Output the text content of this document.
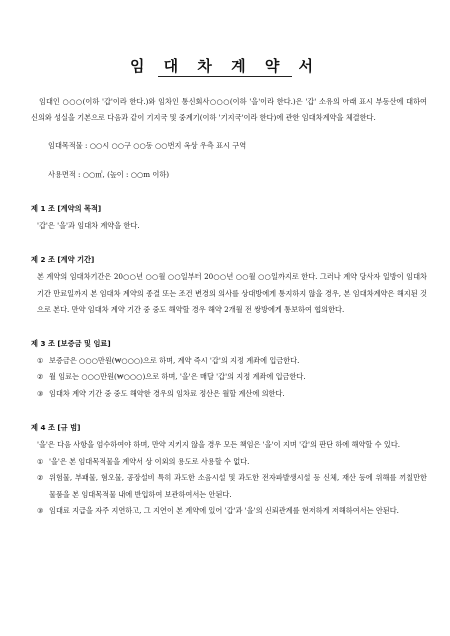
임 대 차 계 약 서

임대인 ○○○(이하 '갑'이라 한다.)와 임차인 통신회사○○○(이하 '을'이라 한다.)은 '갑' 소유의 아래 표시 부동산에 대하여 신의와 성실을 기본으로 다음과 같이 기지국 및 중계기(이하 '기지국'이라 한다)에 관한 임대차계약을 체결한다.

임대목적물 : ○○시 ○○구 ○○동 ○○번지 옥상 우측 표시 구역

사용면적 : ○○㎡, (높이 : ○○m 이하)

제 1 조 [계약의 목적]

'갑'은 '을'과 임대차 계약을 한다.

제 2 조 [계약 기간]

본 계약의 임대차기간은 20○○년 ○○월 ○○일부터 20○○년 ○○월 ○○일까지로 한다. 그러나 계약 당사자 일방이 임대차 기간 만료일까지 본 임대차 계약의 종결 또는 조건 변경의 의사를 상대방에게 통지하지 않을 경우, 본 임대차계약은 해지된 것으로 본다. 만약 임대차 계약 기간 중 중도 해약할 경우 해약 2개월 전 쌍방에게 통보하여 협의한다.

제 3 조 [보증금 및 임료]

① 보증금은 ○○○만원(₩○○○)으로 하며, 계약 즉시 '갑'의 지정 계좌에 입금한다.
② 월 임료는 ○○○만원(₩○○○)으로 하며, '을'은 매달 '갑'의 지정 계좌에 입금한다.
③ 임대차 계약 기간 중 중도 해약한 경우의 임차료 정산은 월할 계산에 의한다.

제 4 조 [규 범]

'을'은 다음 사항을 엄수하여야 하며, 만약 지키지 않을 경우 모든 책임은 '을'이 지며 '갑'의 판단 하에 해약할 수 있다.

① '을'은 본 임대목적물을 계약서 상 이외의 용도로 사용할 수 없다.
② 위험물, 부패물, 혐오물, 공장설비 특히 과도한 소음시설 및 과도한 전자파발생시설 등 신체, 재산 등에 위해를 끼칠만한 물품을 본 임대목적물 내에 반입하여 보관하여서는 안된다.
③ 임대료 지급을 자주 지연하고, 그 지연이 본 계약에 있어 '갑'과 '을'의 신뢰관계를 현저하게 저해하여서는 안된다.
